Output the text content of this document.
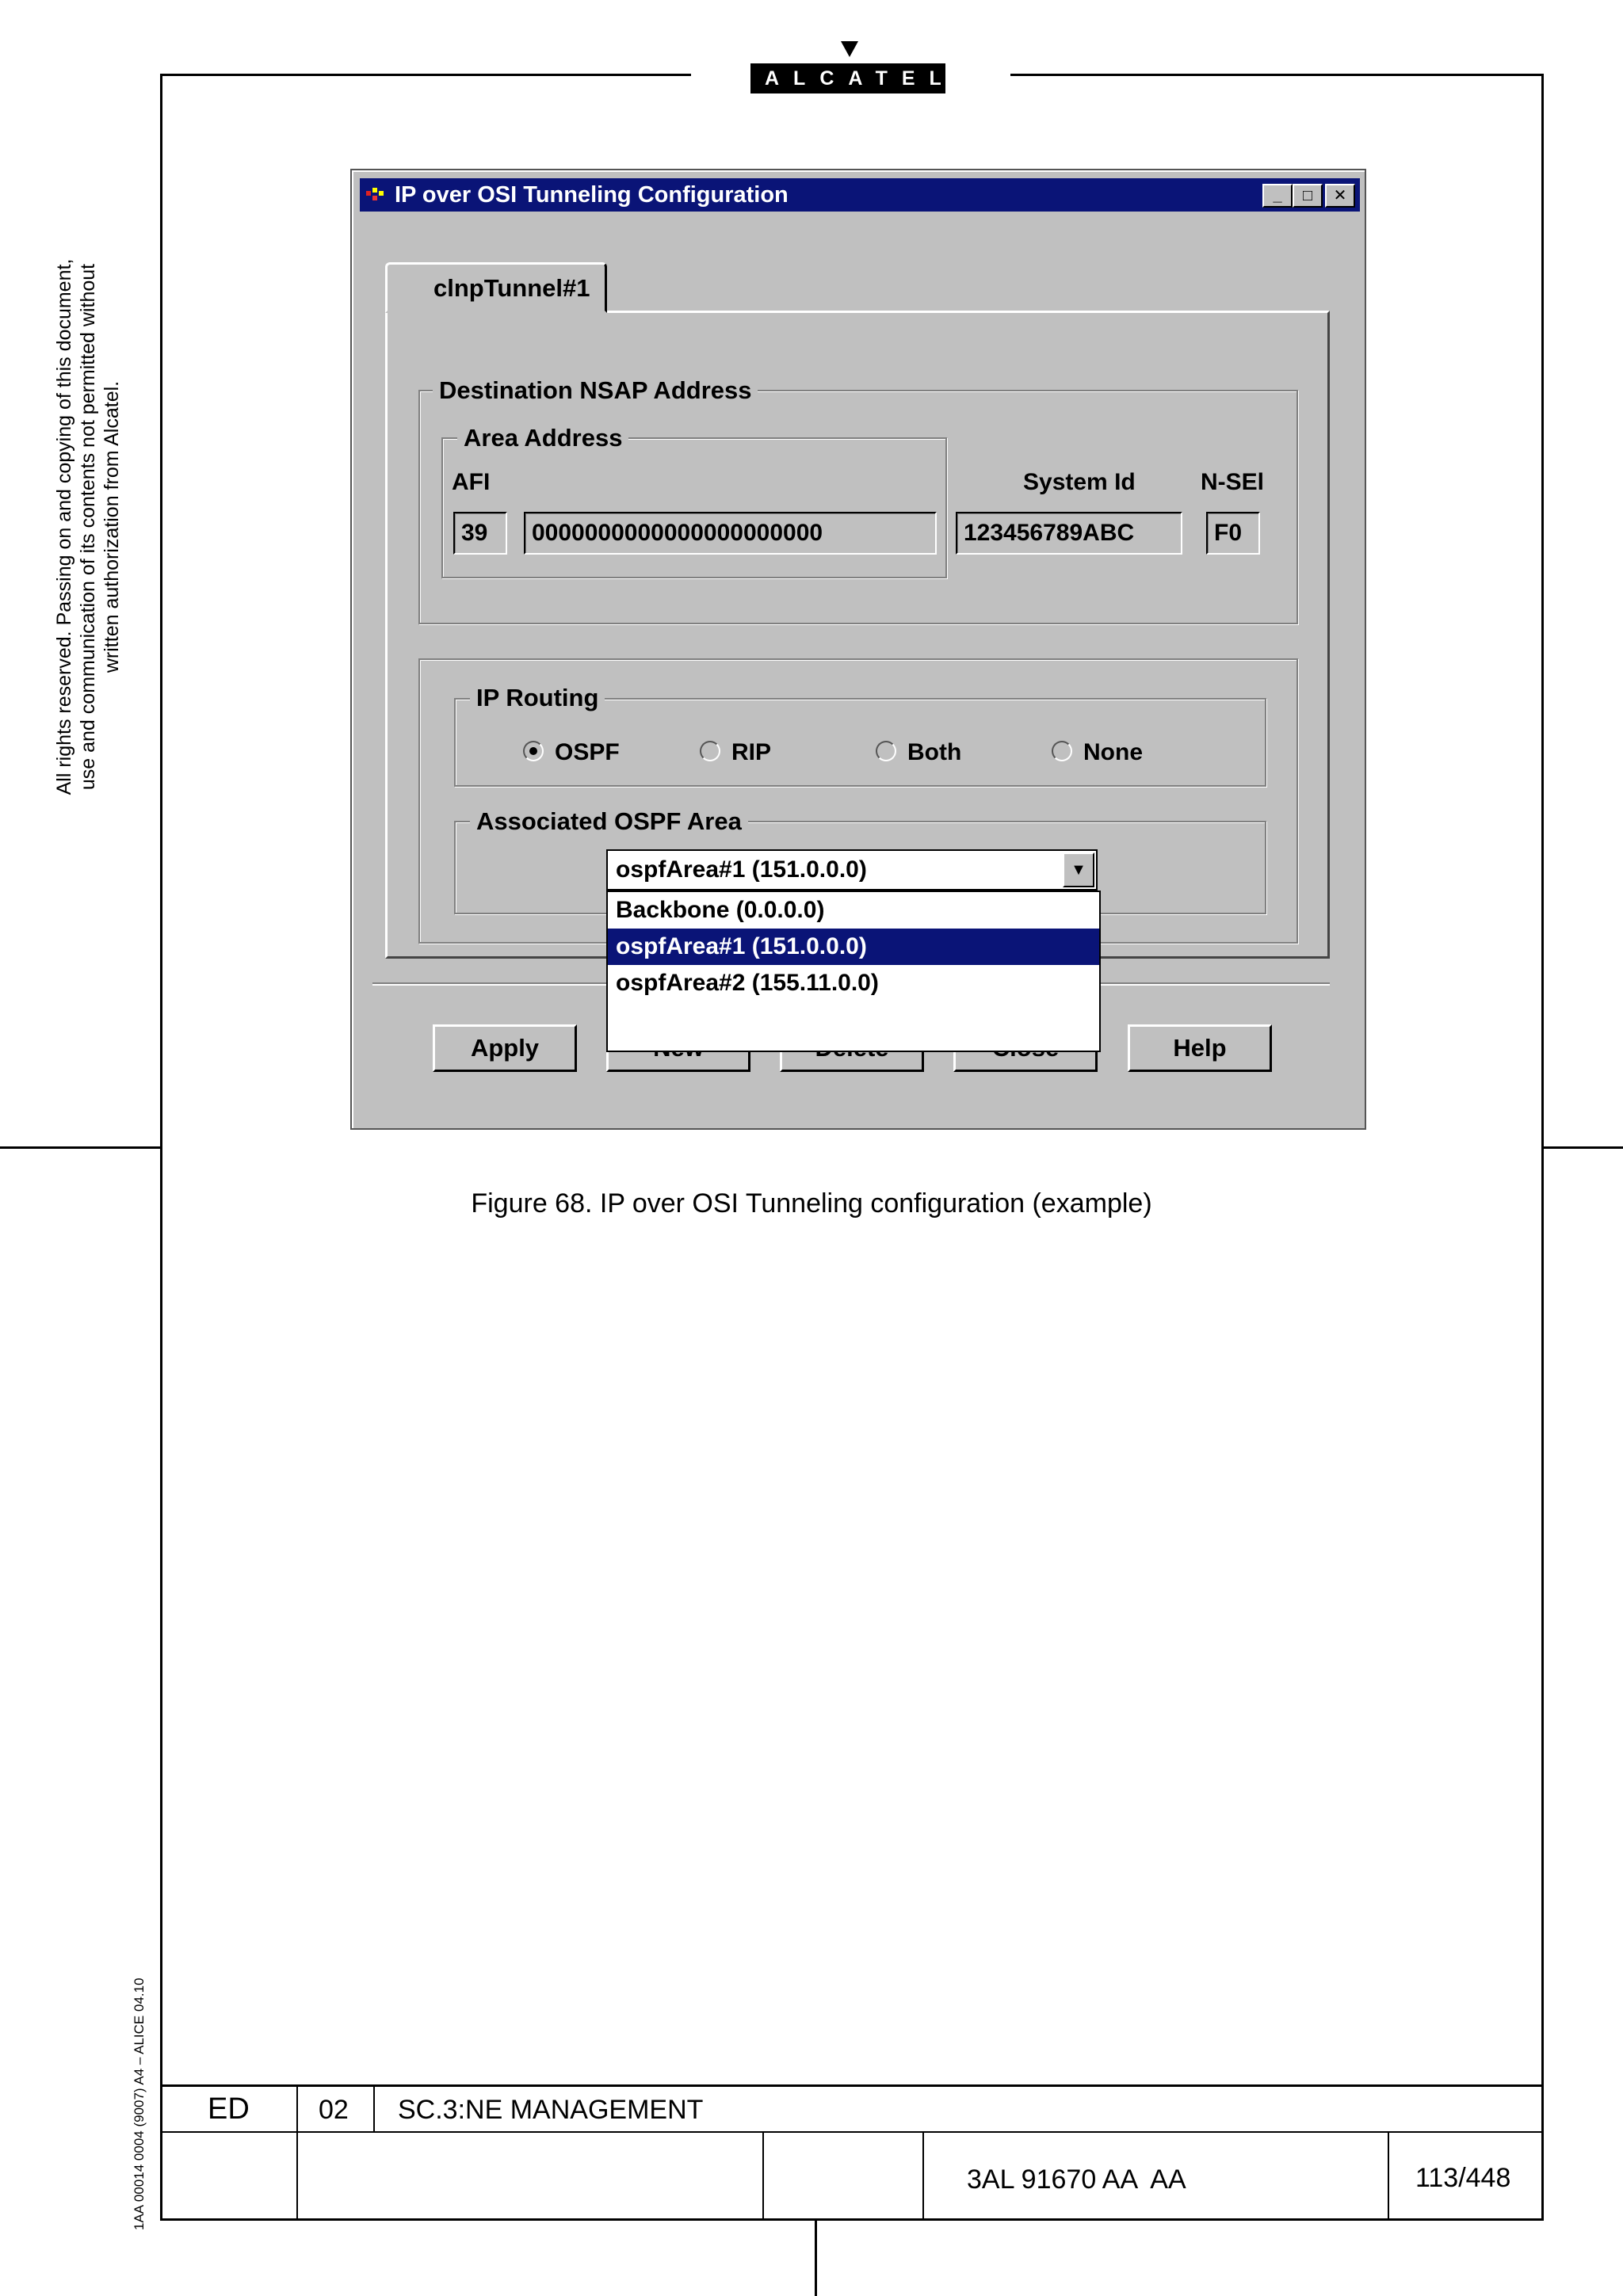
ALCATEL
All rights reserved. Passing on and copying of this document, use and communication of its contents not permitted without written authorization from Alcatel.
1AA 00014 0004 (9007) A4 – ALICE 04.10
IP over OSI Tunneling Configuration	_	□	✕
clnpTunnel#1
Destination NSAP Address
Area Address
AFI	System Id	N-SEl
39	0000000000000000000000	123456789ABC	F0
IP Routing
OSPF	RIP	Both	None
Associated OSPF Area
Apply	Help
ospfArea#1 (151.0.0.0)	▼
Backbone (0.0.0.0)
ospfArea#1 (151.0.0.0)
ospfArea#2 (155.11.0.0)
Figure 68. IP over OSI Tunneling configuration (example)
ED	02 SC.3:NE MANAGEMENT
3AL 91670 AA  AA	113/448
